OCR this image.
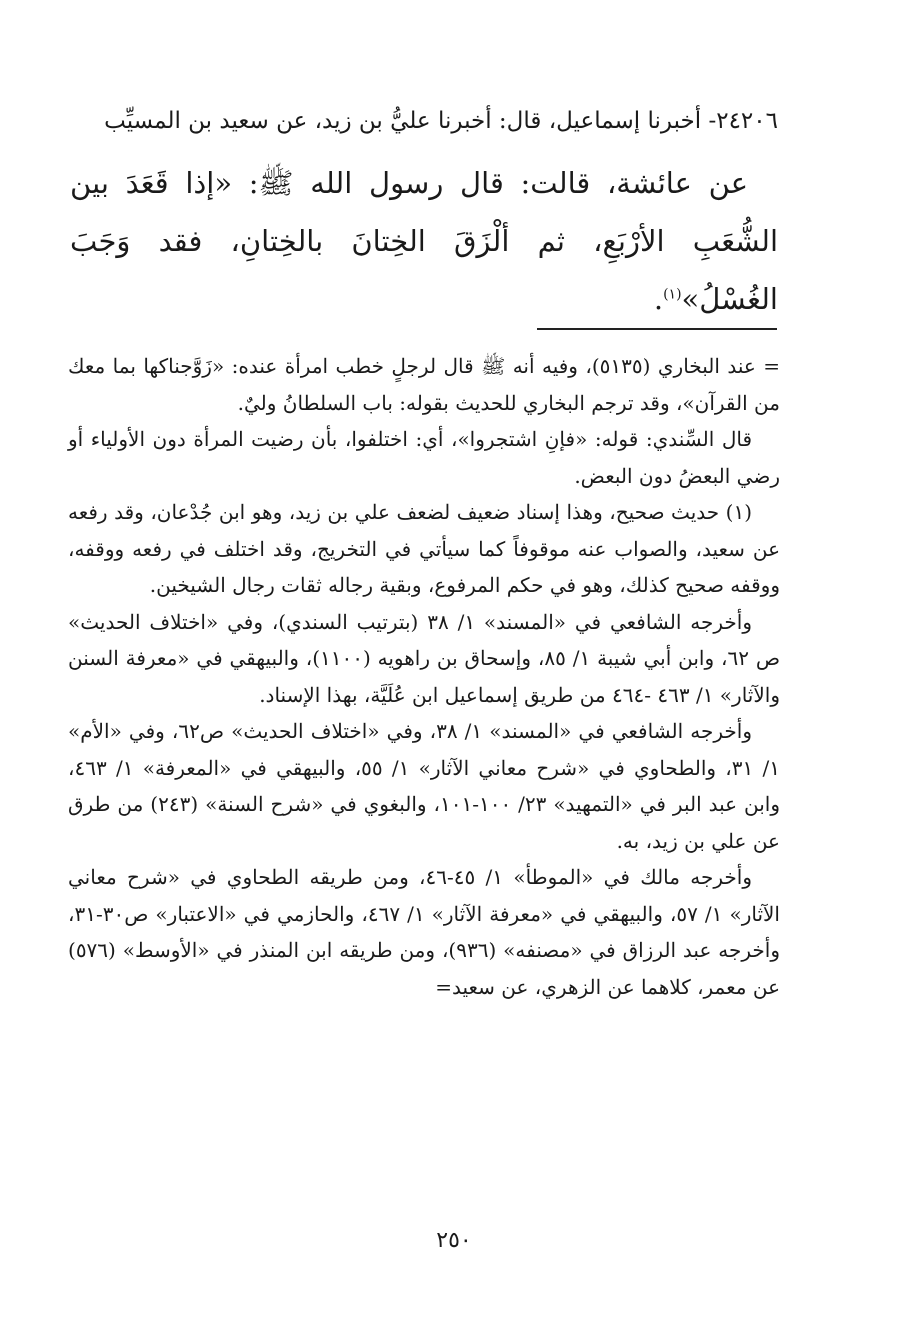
٢٤٢٠٦- أخبرنا إسماعيل، قال: أخبرنا عليُّ بن زيد، عن سعيد بن المسيِّب

عن عائشة، قالت: قال رسول الله ﷺ: «إذا قَعَدَ بين الشُّعَبِ الأرْبَعِ، ثم ألْزَقَ الخِتانَ بالخِتانِ، فقد وَجَبَ الغُسْلُ»$^{(١)}$.

= عند البخاري (٥١٣٥)، وفيه أنه ﷺ قال لرجلٍ خطب امرأة عنده: «زَوَّجناكها بما معك من القرآن»، وقد ترجم البخاري للحديث بقوله: باب السلطانُ وليٌ.

قال السِّندي: قوله: «فإنِ اشتجروا»، أي: اختلفوا، بأن رضيت المرأة دون الأولياء أو رضي البعضُ دون البعض.

(١) حديث صحيح، وهذا إسناد ضعيف لضعف علي بن زيد، وهو ابن جُدْعان، وقد رفعه عن سعيد، والصواب عنه موقوفاً كما سيأتي في التخريج، وقد اختلف في رفعه ووقفه، ووقفه صحيح كذلك، وهو في حكم المرفوع، وبقية رجاله ثقات رجال الشيخين.

وأخرجه الشافعي في «المسند» ١/ ٣٨ (بترتيب السندي)، وفي «اختلاف الحديث» ص ٦٢، وابن أبي شيبة ١/ ٨٥، وإسحاق بن راهويه (١١٠٠)، والبيهقي في «معرفة السنن والآثار» ١/ ٤٦٣ -٤٦٤ من طريق إسماعيل ابن عُلَيَّة، بهذا الإسناد.

وأخرجه الشافعي في «المسند» ١/ ٣٨، وفي «اختلاف الحديث» ص٦٢، وفي «الأم» ١/ ٣١، والطحاوي في «شرح معاني الآثار» ١/ ٥٥، والبيهقي في «المعرفة» ١/ ٤٦٣، وابن عبد البر في «التمهيد» ٢٣/ ١٠٠-١٠١، والبغوي في «شرح السنة» (٢٤٣) من طرق عن علي بن زيد، به.

وأخرجه مالك في «الموطأ» ١/ ٤٥-٤٦، ومن طريقه الطحاوي في «شرح معاني الآثار» ١/ ٥٧، والبيهقي في «معرفة الآثار» ١/ ٤٦٧، والحازمي في «الاعتبار» ص٣٠-٣١، وأخرجه عبد الرزاق في «مصنفه» (٩٣٦)، ومن طريقه ابن المنذر في «الأوسط» (٥٧٦) عن معمر، كلاهما عن الزهري، عن سعيد=

٢٥٠
